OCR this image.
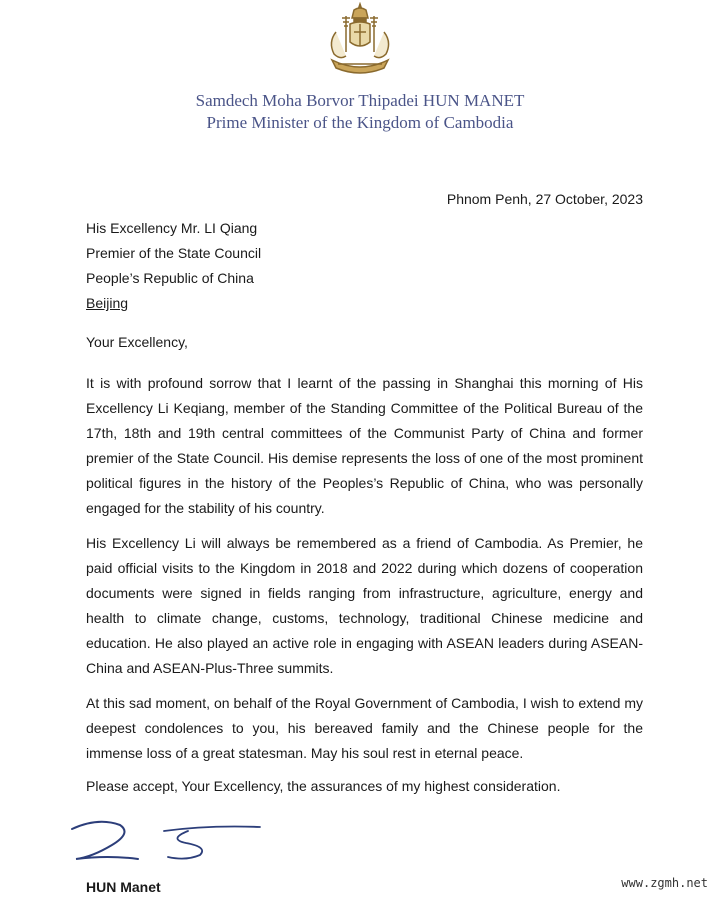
Samdech Moha Borvor Thipadei HUN MANET
Prime Minister of the Kingdom of Cambodia
Phnom Penh, 27 October, 2023
His Excellency Mr. LI Qiang
Premier of the State Council
People’s Republic of China
Beijing
Your Excellency,

It is with profound sorrow that I learnt of the passing in Shanghai this morning of His Excellency Li Keqiang, member of the Standing Committee of the Political Bureau of the 17th, 18th and 19th central committees of the Communist Party of China and former premier of the State Council. His demise represents the loss of one of the most prominent political figures in the history of the Peoples’s Republic of China, who was personally engaged for the stability of his country.

His Excellency Li will always be remembered as a friend of Cambodia. As Premier, he paid official visits to the Kingdom in 2018 and 2022 during which dozens of cooperation documents were signed in fields ranging from infrastructure, agriculture, energy and health to climate change, customs, technology, traditional Chinese medicine and education. He also played an active role in engaging with ASEAN leaders during ASEAN-China and ASEAN-Plus-Three summits.

At this sad moment, on behalf of the Royal Government of Cambodia, I wish to extend my deepest condolences to you, his bereaved family and the Chinese people for the immense loss of a great statesman. May his soul rest in eternal peace.

Please accept, Your Excellency, the assurances of my highest consideration.
HUN Manet	www.zgmh.net
